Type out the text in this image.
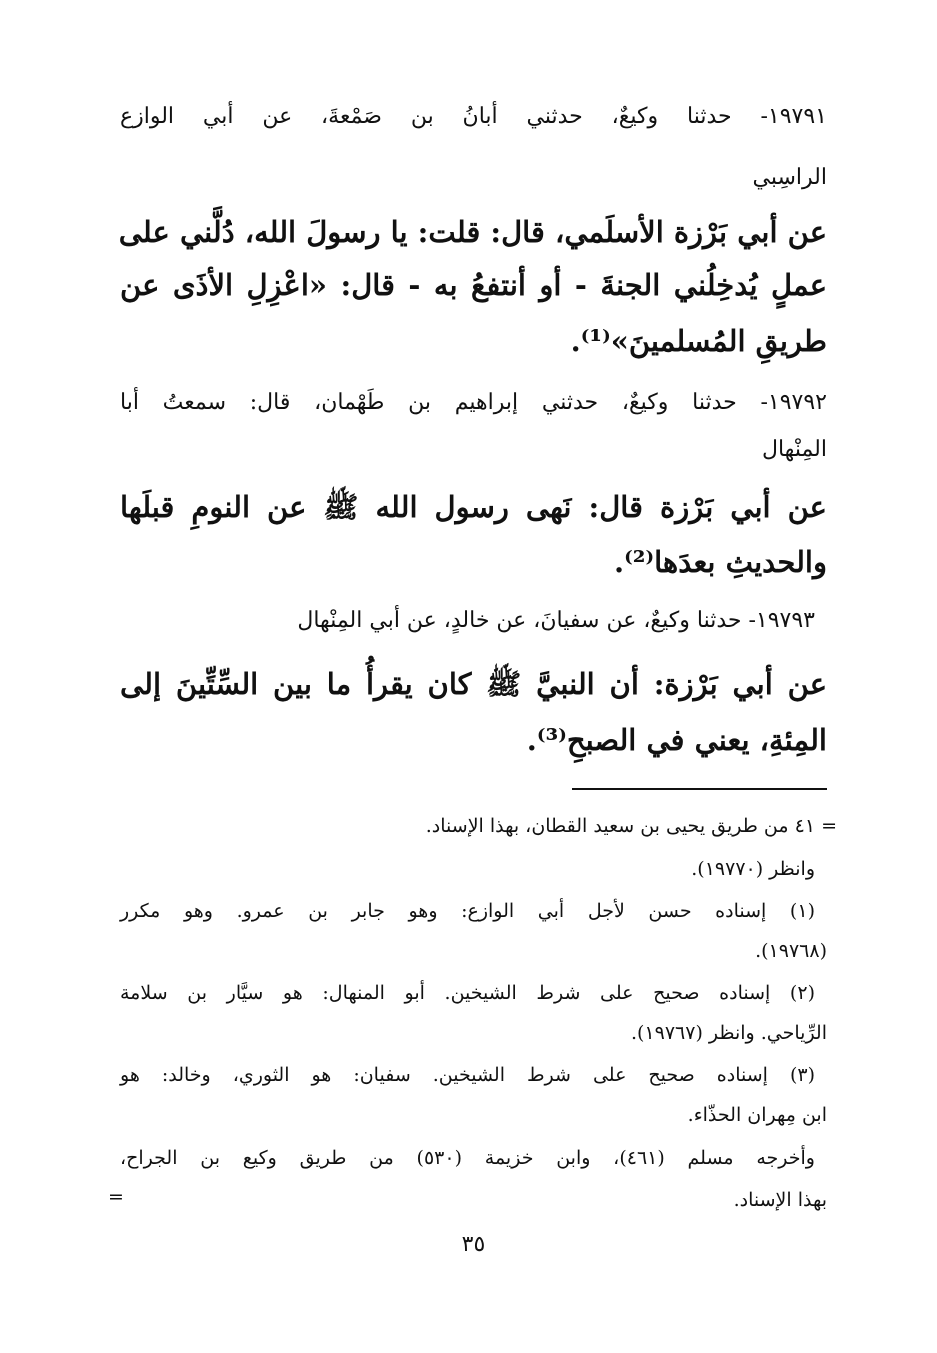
١٩٧٩١- حدثنا وكيعٌ، حدثني أبانُ بن صَمْعةَ، عن أبي الوازع
الراسِبي
عن أبي بَرْزة الأسلَمي، قال: قلت: يا رسولَ الله، دُلَّني على
عملٍ يُدخِلُني الجنةَ - أو أنتفعُ به - قال: «اعْزِلِ الأذَى عن
طريقِ المُسلمينَ»⁽¹⁾.
١٩٧٩٢- حدثنا وكيعٌ، حدثني إبراهيم بن طَهْمان، قال: سمعتُ أبا
المِنْهال
عن أبي بَرْزة قال: نَهى رسول الله ﷺ عن النومِ قبلَها
والحديثِ بعدَها⁽²⁾.
١٩٧٩٣- حدثنا وكيعٌ، عن سفيانَ، عن خالدٍ، عن أبي المِنْهال
عن أبي بَرْزة: أن النبيَّ ﷺ كان يقرأُ ما بين السِّتِّينَ إلى
المِئةِ، يعني في الصبحِ⁽³⁾.
= ٤١ من طريق يحيى بن سعيد القطان، بهذا الإسناد.
وانظر (١٩٧٧٠).
(١) إسناده حسن لأجل أبي الوازع: وهو جابر بن عمرو. وهو مكرر
(١٩٧٦٨).
(٢) إسناده صحيح على شرط الشيخين. أبو المنهال: هو سيَّار بن سلامة
الرِّياحي. وانظر (١٩٧٦٧).
(٣) إسناده صحيح على شرط الشيخين. سفيان: هو الثوري، وخالد: هو
ابن مِهران الحذّاء.
وأخرجه مسلم (٤٦١)، وابن خزيمة (٥٣٠) من طريق وكيع بن الجراح،
بهذا الإسناد.
=
٣٥
